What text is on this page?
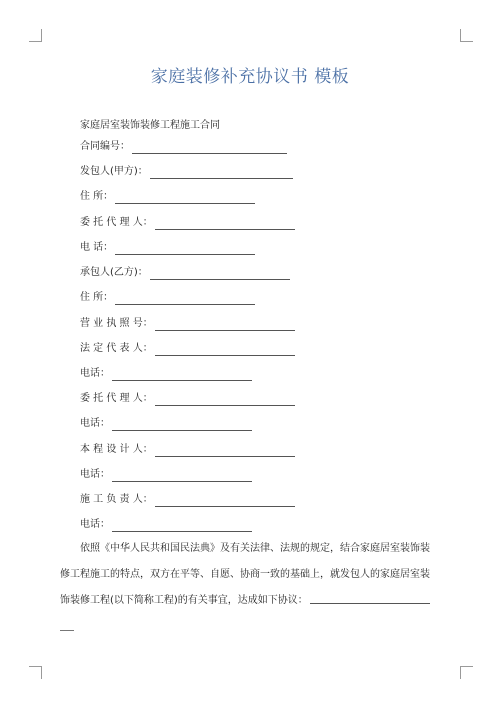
家庭装修补充协议书 模板
家庭居室装饰装修工程施工合同
合同编号：
发包人(甲方)：
住 所：
委 托 代 理 人：
电 话：
承包人(乙方)：
住 所：
营 业 执 照 号：
法 定 代 表 人：
电话：
委 托 代 理 人：
电话：
本 程 设 计 人：
电话：
施 工 负 责 人：
电话：
依照《中华人民共和国民法典》及有关法律、法规的规定，结合家庭居室装饰装
修工程施工的特点，双方在平等、自愿、协商一致的基础上，就发包人的家庭居室装
饰装修工程(以下简称工程)的有关事宜，达成如下协议：
